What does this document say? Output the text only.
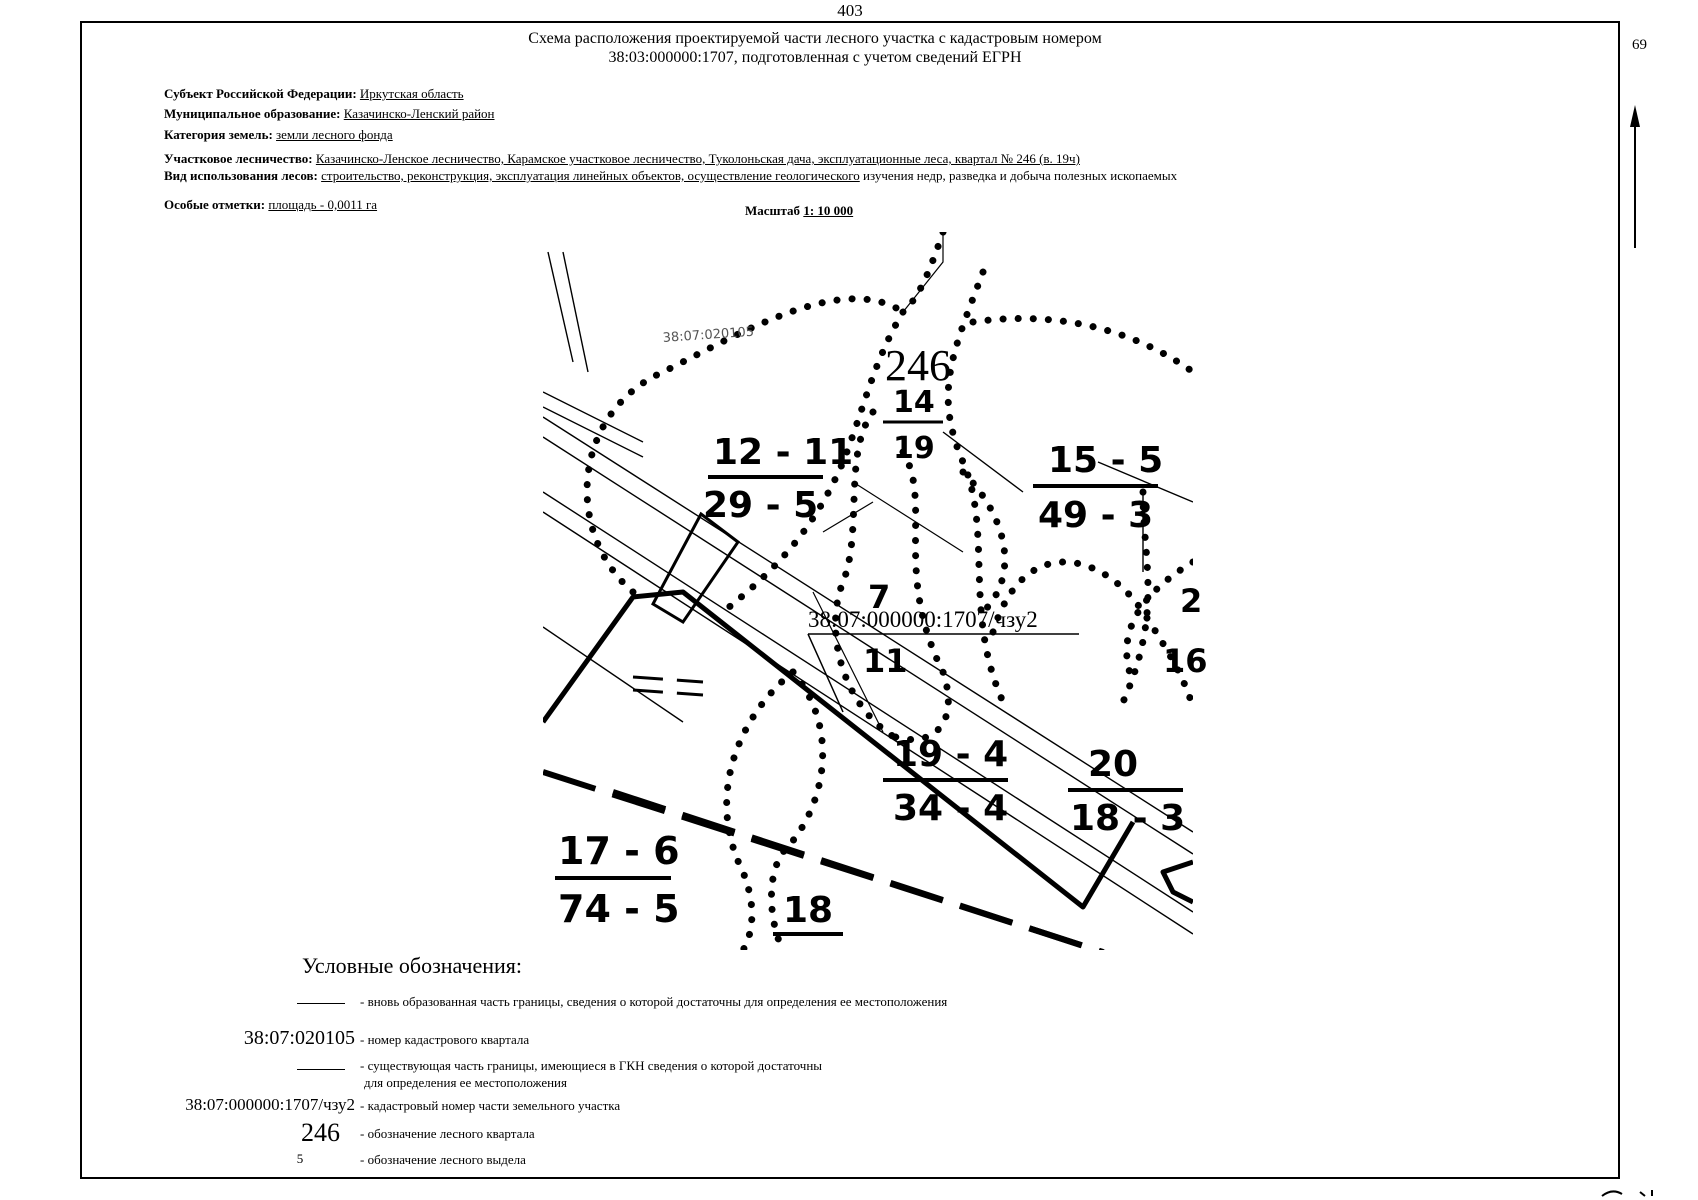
403
Схема расположения проектируемой части лесного участка с кадастровым номером
38:03:000000:1707, подготовленная с учетом сведений ЕГРН
69
Субъект Российской Федерации: Иркутская область
Муниципальное образование: Казачинско-Ленский район
Категория земель: земли лесного фонда
Участковое лесничество: Казачинско-Ленское лесничество, Карамское участковое лесничество, Туколоньская дача, эксплуатационные леса, квартал № 246 (в. 19ч)
Вид использования лесов: строительство, реконструкция, эксплуатация линейных объектов, осуществление геологического изучения недр, разведка и добыча полезных ископаемых
Особые отметки: площадь - 0,0011 га	Масштаб 1: 10 000
38:07:020105
246
38:07:000000:1707/чзу2
12 - 11
29 - 5
14
19	15 - 5
49 - 3
7
11
2
16
19 - 4
34 - 4
20
18 - 3
17 - 6
74 - 5	18
Условные обозначения:
- вновь образованная часть границы, сведения о которой достаточны для определения ее местоположения
38:07:020105 - номер кадастрового квартала
- существующая часть границы, имеющиеся в ГКН сведения о которой достаточны
для определения ее местоположения
38:07:000000:1707/чзу2 - кадастровый номер части земельного участка
246 - обозначение лесного квартала
5	- обозначение лесного выдела
